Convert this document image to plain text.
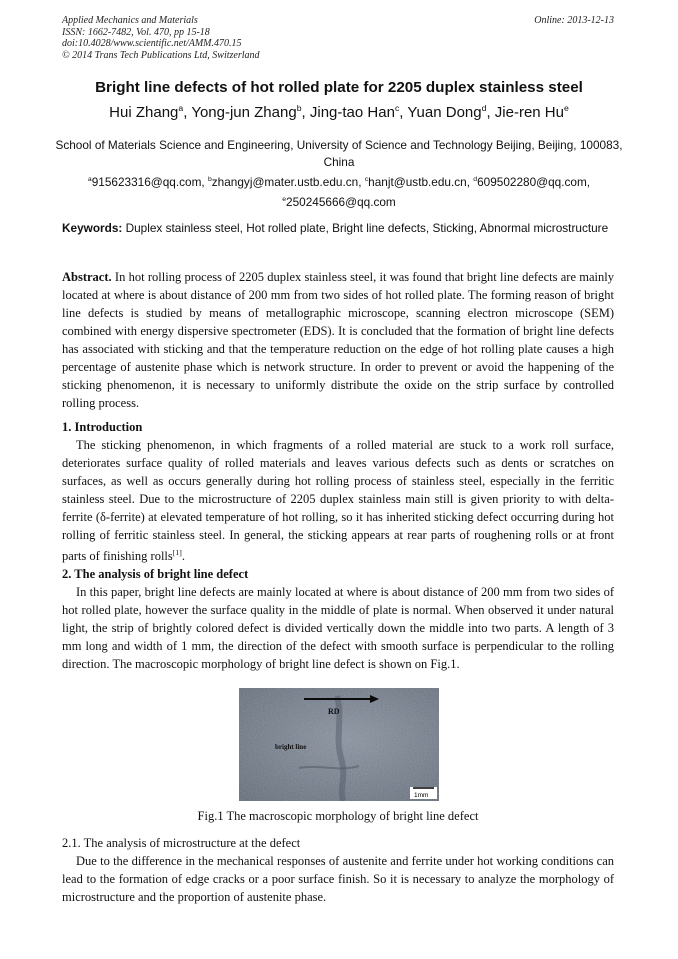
Applied Mechanics and Materials
ISSN: 1662-7482, Vol. 470, pp 15-18
doi:10.4028/www.scientific.net/AMM.470.15
© 2014 Trans Tech Publications Ltd, Switzerland
Online: 2013-12-13
Bright line defects of hot rolled plate for 2205 duplex stainless steel
Hui Zhang$^a$, Yong-jun Zhang$^b$, Jing-tao Han$^c$, Yuan Dong$^d$, Jie-ren Hu$^e$
School of Materials Science and Engineering, University of Science and Technology Beijing, Beijing, 100083, China
$^a$915623316@qq.com, $^b$zhangyj@mater.ustb.edu.cn, $^c$hanjt@ustb.edu.cn, $^d$609502280@qq.com,
$^e$250245666@qq.com
Keywords: Duplex stainless steel, Hot rolled plate, Bright line defects, Sticking, Abnormal microstructure

Abstract. In hot rolling process of 2205 duplex stainless steel, it was found that bright line defects are mainly located at where is about distance of 200 mm from two sides of hot rolled plate. The forming reason of bright line defects is studied by means of metallographic microscope, scanning electron microscope (SEM) combined with energy dispersive spectrometer (EDS). It is concluded that the formation of bright line defects has associated with sticking and that the temperature reduction on the edge of hot rolling plate causes a high percentage of austenite phase which is network structure. In order to prevent or avoid the happening of the sticking phenomenon, it is necessary to uniformly distribute the oxide on the strip surface by controlled rolling process.

1. Introduction

The sticking phenomenon, in which fragments of a rolled material are stuck to a work roll surface, deteriorates surface quality of rolled materials and leaves various defects such as dents or scratches on surfaces, as well as occurs generally during hot rolling process of stainless steel, especially in the ferritic stainless steel. Due to the microstructure of 2205 duplex stainless main still is given priority to with delta-ferrite (δ-ferrite) at elevated temperature of hot rolling, so it has inherited sticking defect occurring during hot rolling of ferritic stainless steel. In general, the sticking appears at rear parts of roughening rolls or at front parts of finishing rolls[1].

2. The analysis of bright line defect

In this paper, bright line defects are mainly located at where is about distance of 200 mm from two sides of hot rolled plate, however the surface quality in the middle of plate is normal. When observed it under natural light, the strip of brightly colored defect is divided vertically down the middle into two parts. A length of 3 mm long and width of 1 mm, the direction of the defect with smooth surface is perpendicular to the rolling direction. The macroscopic morphology of bright line defect is shown on Fig.1.

RD
bright line
1mm
Fig.1 The macroscopic morphology of bright line defect

2.1. The analysis of microstructure at the defect

Due to the difference in the mechanical responses of austenite and ferrite under hot working conditions can lead to the formation of edge cracks or a poor surface finish. So it is necessary to analyze the morphology of microstructure and the proportion of austenite phase.
